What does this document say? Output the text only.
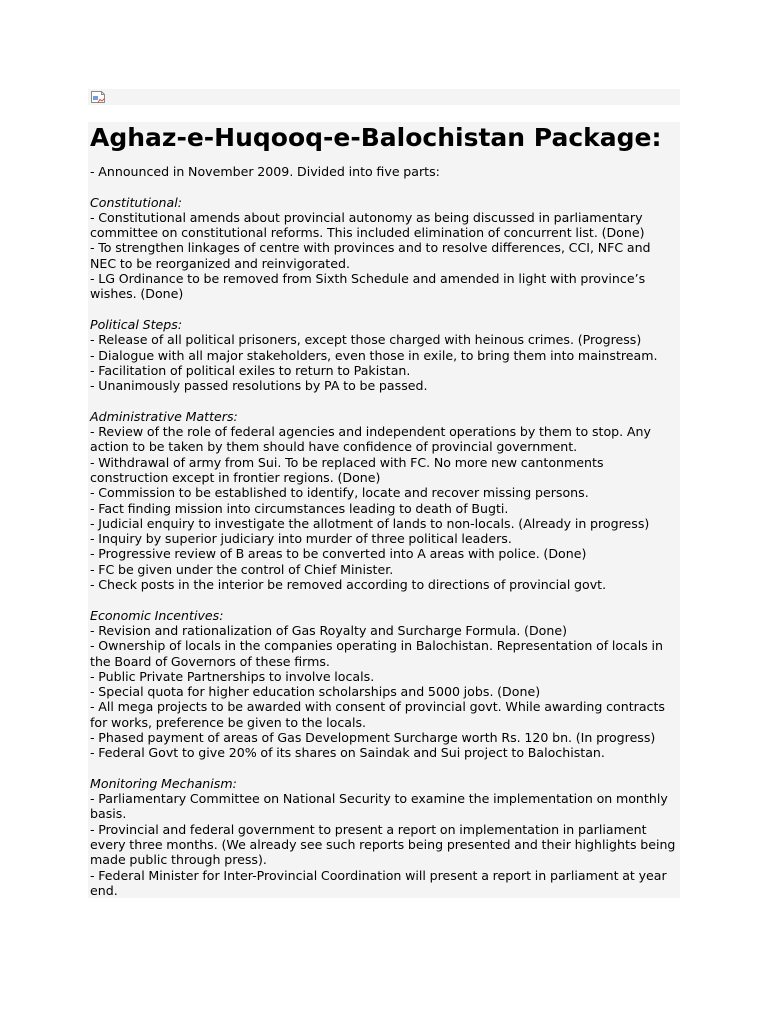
Aghaz-e-Huqooq-e-Balochistan Package:

- Announced in November 2009. Divided into five parts:

Constitutional:
- Constitutional amends about provincial autonomy as being discussed in parliamentary committee on constitutional reforms. This included elimination of concurrent list. (Done)
- To strengthen linkages of centre with provinces and to resolve differences, CCI, NFC and NEC to be reorganized and reinvigorated.
- LG Ordinance to be removed from Sixth Schedule and amended in light with province’s wishes. (Done)

Political Steps:
- Release of all political prisoners, except those charged with heinous crimes. (Progress)
- Dialogue with all major stakeholders, even those in exile, to bring them into mainstream.
- Facilitation of political exiles to return to Pakistan.
- Unanimously passed resolutions by PA to be passed.

Administrative Matters:
- Review of the role of federal agencies and independent operations by them to stop. Any action to be taken by them should have confidence of provincial government.
- Withdrawal of army from Sui. To be replaced with FC. No more new cantonments construction except in frontier regions. (Done)
- Commission to be established to identify, locate and recover missing persons.
- Fact finding mission into circumstances leading to death of Bugti.
- Judicial enquiry to investigate the allotment of lands to non-locals. (Already in progress)
- Inquiry by superior judiciary into murder of three political leaders.
- Progressive review of B areas to be converted into A areas with police. (Done)
- FC be given under the control of Chief Minister.
- Check posts in the interior be removed according to directions of provincial govt.

Economic Incentives:
- Revision and rationalization of Gas Royalty and Surcharge Formula. (Done)
- Ownership of locals in the companies operating in Balochistan. Representation of locals in the Board of Governors of these firms.
- Public Private Partnerships to involve locals.
- Special quota for higher education scholarships and 5000 jobs. (Done)
- All mega projects to be awarded with consent of provincial govt. While awarding contracts for works, preference be given to the locals.
- Phased payment of areas of Gas Development Surcharge worth Rs. 120 bn. (In progress)
- Federal Govt to give 20% of its shares on Saindak and Sui project to Balochistan.

Monitoring Mechanism:
- Parliamentary Committee on National Security to examine the implementation on monthly basis.
- Provincial and federal government to present a report on implementation in parliament every three months. (We already see such reports being presented and their highlights being made public through press).
- Federal Minister for Inter-Provincial Coordination will present a report in parliament at year end.
